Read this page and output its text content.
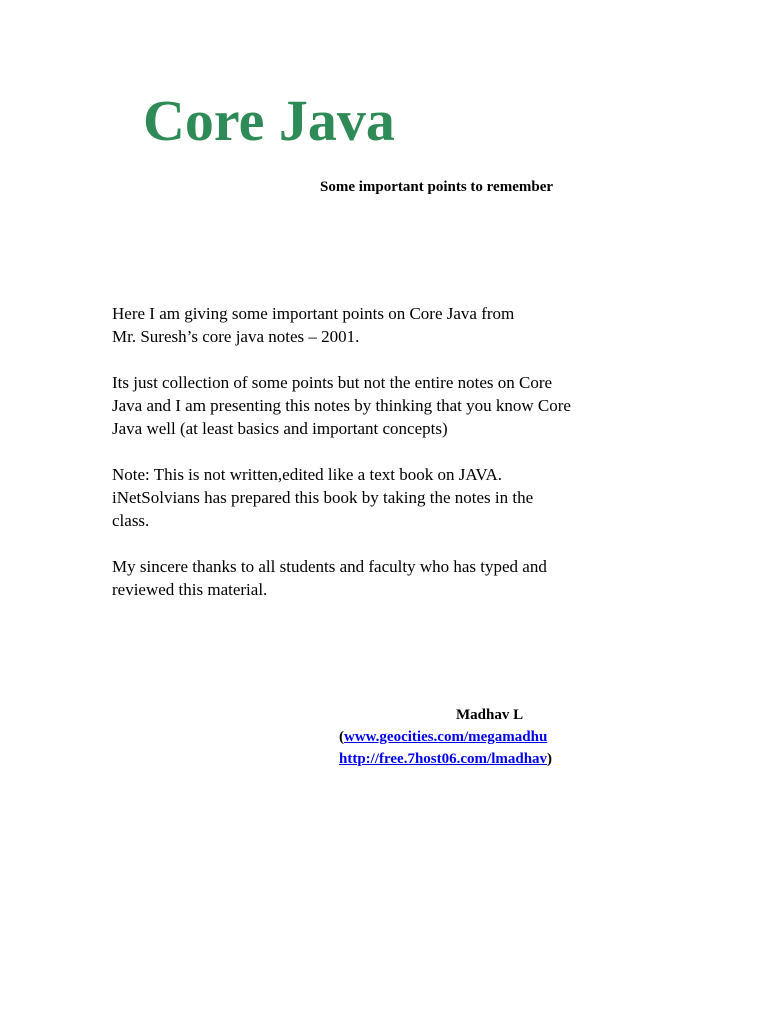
Core Java

Some important points to remember

Here I am giving some important points on Core Java from
Mr. Suresh’s core java notes – 2001.

Its just collection of some points but not the entire notes on Core
Java and I am presenting this notes by thinking that you know Core
Java well (at least basics and important concepts)

Note: This is not written,edited like a text book on JAVA.
iNetSolvians has prepared this book by taking the notes in the
class.

My sincere thanks to all students and faculty who has typed and
reviewed this material.

Madhav L
(www.geocities.com/megamadhu
http://free.7host06.com/lmadhav)
